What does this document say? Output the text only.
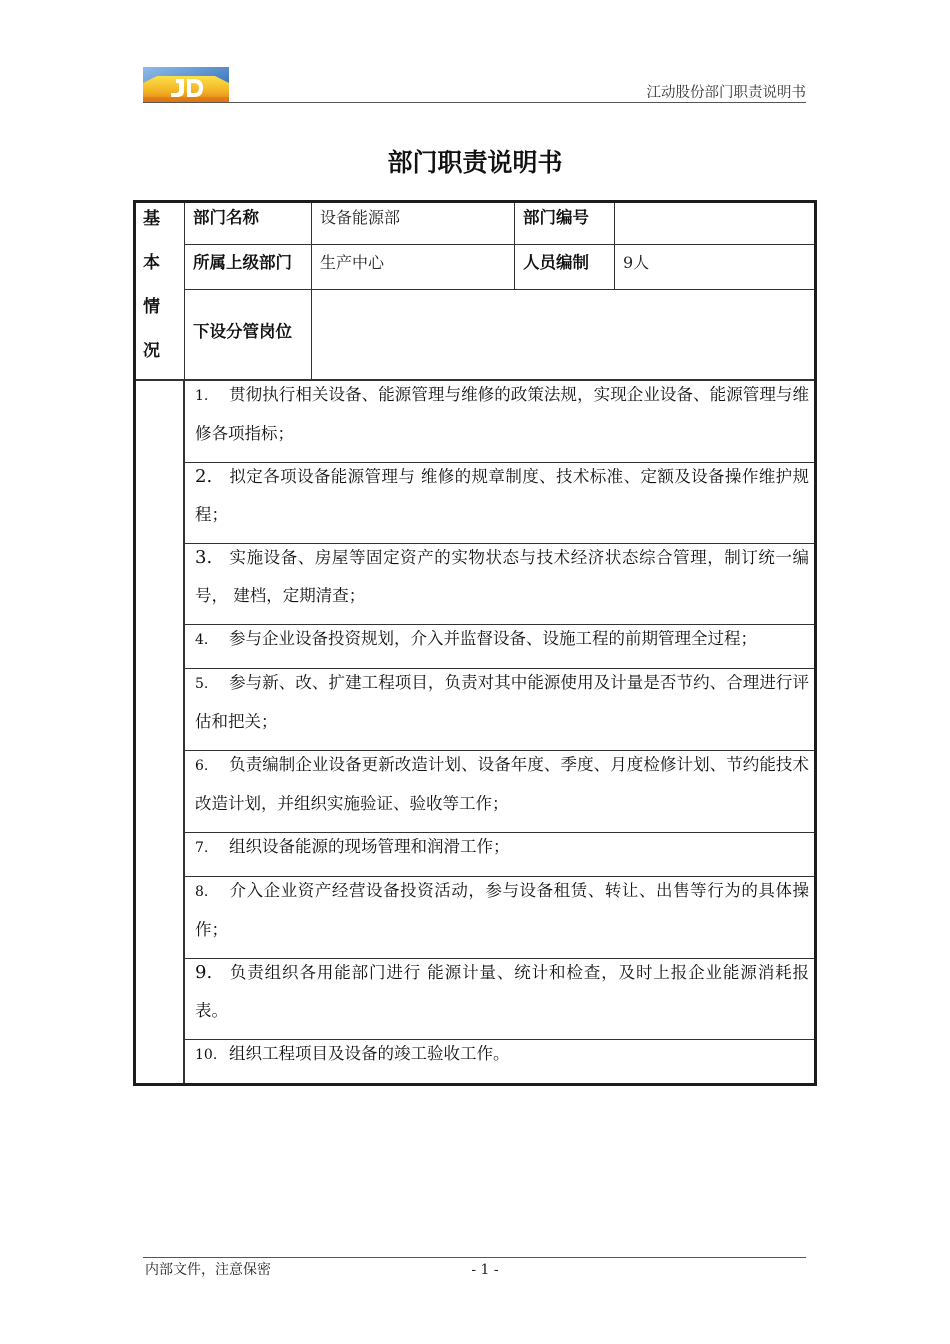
江动股份部门职责说明书
部门职责说明书
基本情况	部门名称	设备能源部	部门编号	
	所属上级部门	生产中心	人员编制	9人
	下设分管岗位			

	1. 贯彻执行相关设备、能源管理与维修的政策法规，实现企业设备、能源管理与维修各项指标；			

	2. 拟定各项设备能源管理与 维修的规章制度、技术标准、定额及设备操作维护规程；			

	3. 实施设备、房屋等固定资产的实物状态与技术经济状态综合管理，制订统一编号， 建档，定期清查；			

	4. 参与企业设备投资规划，介入并监督设备、设施工程的前期管理全过程；			

	5. 参与新、改、扩建工程项目，负责对其中能源使用及计量是否节约、合理进行评估和把关；			

	6. 负责编制企业设备更新改造计划、设备年度、季度、月度检修计划、节约能技术改造计划，并组织实施验证、验收等工作；			

	7. 组织设备能源的现场管理和润滑工作；			

	8. 介入企业资产经营设备投资活动，参与设备租赁、转让、出售等行为的具体操作；			

	9. 负责组织各用能部门进行 能源计量、统计和检查，及时上报企业能源消耗报表。			

	10. 组织工程项目及设备的竣工验收工作。			
内部文件，注意保密	- 1 -
